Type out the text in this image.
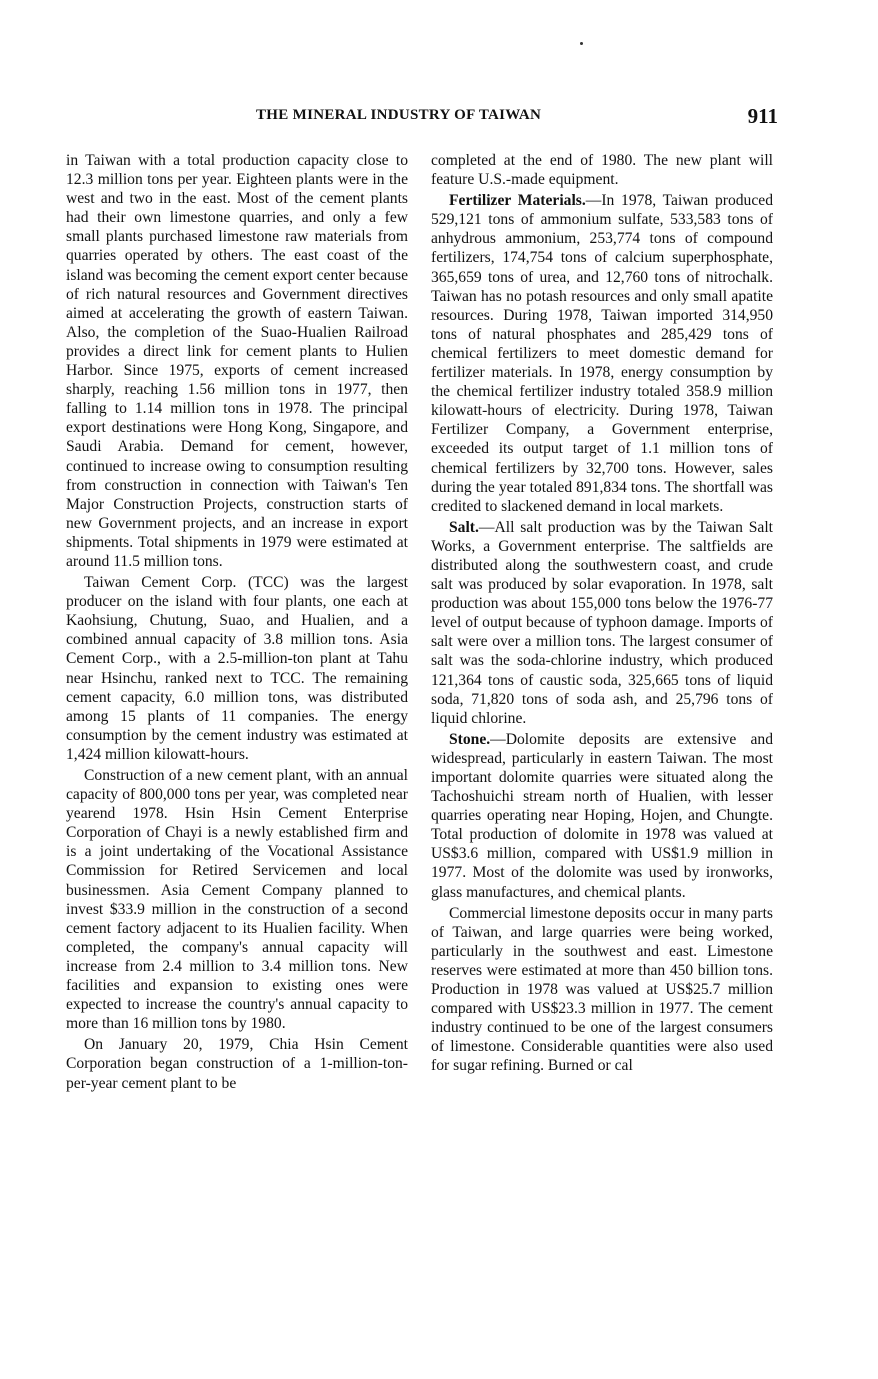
THE MINERAL INDUSTRY OF TAIWAN	911

in Taiwan with a total production capacity close to 12.3 million tons per year. Eighteen plants were in the west and two in the east. Most of the cement plants had their own limestone quarries, and only a few small plants purchased limestone raw materials from quarries operated by others. The east coast of the island was becoming the cement export center because of rich natural resources and Government directives aimed at accelerating the growth of eastern Taiwan. Also, the completion of the Suao-Hualien Railroad provides a direct link for cement plants to Hulien Harbor. Since 1975, exports of cement increased sharply, reaching 1.56 million tons in 1977, then falling to 1.14 million tons in 1978. The principal export destinations were Hong Kong, Singapore, and Saudi Arabia. Demand for cement, however, continued to increase owing to consumption resulting from construction in connection with Taiwan's Ten Major Construction Projects, construction starts of new Government projects, and an increase in export shipments. Total shipments in 1979 were estimated at around 11.5 million tons.

Taiwan Cement Corp. (TCC) was the largest producer on the island with four plants, one each at Kaohsiung, Chutung, Suao, and Hualien, and a combined annual capacity of 3.8 million tons. Asia Cement Corp., with a 2.5-million-ton plant at Tahu near Hsinchu, ranked next to TCC. The remaining cement capacity, 6.0 million tons, was distributed among 15 plants of 11 companies. The energy consumption by the cement industry was estimated at 1,424 million kilowatt-hours.

Construction of a new cement plant, with an annual capacity of 800,000 tons per year, was completed near yearend 1978. Hsin Hsin Cement Enterprise Corporation of Chayi is a newly established firm and is a joint undertaking of the Vocational Assistance Commission for Retired Servicemen and local businessmen. Asia Cement Company planned to invest $33.9 million in the construction of a second cement factory adjacent to its Hualien facility. When completed, the company's annual capacity will increase from 2.4 million to 3.4 million tons. New facilities and expansion to existing ones were expected to increase the country's annual capacity to more than 16 million tons by 1980.

On January 20, 1979, Chia Hsin Cement Corporation began construction of a 1-million-ton-per-year cement plant to be

completed at the end of 1980. The new plant will feature U.S.-made equipment.

Fertilizer Materials.—In 1978, Taiwan produced 529,121 tons of ammonium sulfate, 533,583 tons of anhydrous ammonium, 253,774 tons of compound fertilizers, 174,754 tons of calcium superphosphate, 365,659 tons of urea, and 12,760 tons of nitrochalk. Taiwan has no potash resources and only small apatite resources. During 1978, Taiwan imported 314,950 tons of natural phosphates and 285,429 tons of chemical fertilizers to meet domestic demand for fertilizer materials. In 1978, energy consumption by the chemical fertilizer industry totaled 358.9 million kilowatt-hours of electricity. During 1978, Taiwan Fertilizer Company, a Government enterprise, exceeded its output target of 1.1 million tons of chemical fertilizers by 32,700 tons. However, sales during the year totaled 891,834 tons. The shortfall was credited to slackened demand in local markets.

Salt.—All salt production was by the Taiwan Salt Works, a Government enterprise. The saltfields are distributed along the southwestern coast, and crude salt was produced by solar evaporation. In 1978, salt production was about 155,000 tons below the 1976-77 level of output because of typhoon damage. Imports of salt were over a million tons. The largest consumer of salt was the soda-chlorine industry, which produced 121,364 tons of caustic soda, 325,665 tons of liquid soda, 71,820 tons of soda ash, and 25,796 tons of liquid chlorine.

Stone.—Dolomite deposits are extensive and widespread, particularly in eastern Taiwan. The most important dolomite quarries were situated along the Tachoshuichi stream north of Hualien, with lesser quarries operating near Hoping, Hojen, and Chungte. Total production of dolomite in 1978 was valued at US$3.6 million, compared with US$1.9 million in 1977. Most of the dolomite was used by ironworks, glass manufactures, and chemical plants.

Commercial limestone deposits occur in many parts of Taiwan, and large quarries were being worked, particularly in the southwest and east. Limestone reserves were estimated at more than 450 billion tons. Production in 1978 was valued at US$25.7 million compared with US$23.3 million in 1977. The cement industry continued to be one of the largest consumers of limestone. Considerable quantities were also used for sugar refining. Burned or cal
